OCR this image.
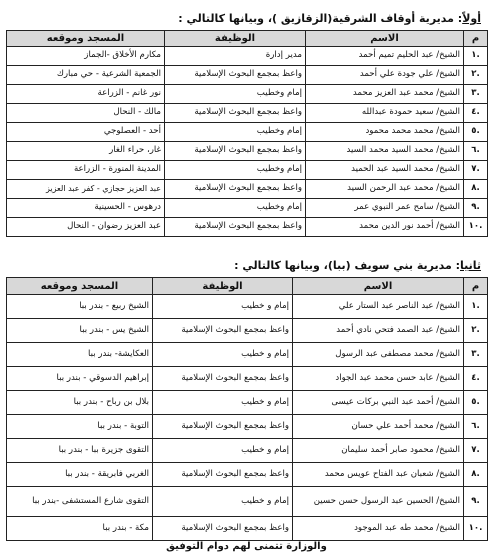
أولاً: مديرية أوقاف الشرقية(الزقازيق )، وبيانها كالتالي :
م	الاسم	الوظيفة	المسجد وموقعه
.١	الشيخ/ عبد الحليم تميم أحمد	مدير إدارة	مكارم الأخلاق -الجماز
.٢	الشيخ/ علي جودة علي أحمد	واعظ بمجمع البحوث الإسلامية	الجمعية الشرعية - حي مبارك
.٣	الشيخ/ محمد عبد العزيز محمد	إمام وخطيب	نور غانم - الزراعة
.٤	الشيخ/ سعيد حمودة عبدالله	واعظ بمجمع البحوث الإسلامية	مالك - النحال
.٥	الشيخ/ محمد محمد محمود	إمام وخطيب	أحد - العصلوجي
.٦	الشيخ/ محمد السيد محمد السيد	واعظ بمجمع البحوث الإسلامية	غار، حراء الغار
.٧	الشيخ/ محمد السيد عبد الحميد	إمام وخطيب	المدينة المنورة - الزراعة
.٨	الشيخ/ محمد عبد الرحمن السيد	واعظ بمجمع البحوث الإسلامية	عبد العزيز حجازي - كفر عبد العزيز
.٩	الشيخ/ سامح عمر النبوي عمر	إمام وخطيب	درهوس - الحسينية
.١٠	الشيخ/ أحمد نور الدين محمد	واعظ بمجمع البحوث الإسلامية	عبد العزيز رضوان - النحال
ثانيا: مديرية بني سويف (ببا)، وبيانها كالتالي :
م	الاسم	الوظيفة	المسجد وموقعه
.١	الشيخ/ عبد الناصر عبد الستار علي	إمام و خطيب	الشيخ ربيع - بندر ببا
.٢	الشيخ/ عبد الصمد فتحي نادي أحمد	واعظ بمجمع البحوث الإسلامية	الشيخ يس - بندر ببا
.٣	الشيخ/ محمد مصطفى عبد الرسول	إمام و خطيب	العكايشة- بندر ببا
.٤	الشيخ/ عابد حسن محمد عبد الجواد	واعظ بمجمع البحوث الإسلامية	إبراهيم الدسوقي - بندر ببا
.٥	الشيخ/ أحمد عبد النبي بركات عيسى	إمام و خطيب	بلال بن رباح - بندر ببا
.٦	الشيخ/ محمد أحمد علي حسان	واعظ بمجمع البحوث الإسلامية	التوبة - بندر ببا
.٧	الشيخ/ محمود صابر أحمد سليمان	إمام و خطيب	التقوى جزيرة ببا - بندر ببا
.٨	الشيخ/ شعبان عبد الفتاح عويس محمد	واعظ بمجمع البحوث الإسلامية	الغربي فابريقة - بندر ببا
.٩	الشيخ/ الحسين عبد الرسول حسن حسين	إمام و خطيب	التقوى شارع المستشفى -بندر ببا
.١٠	الشيخ/ محمد طه عبد الموجود	واعظ بمجمع البحوث الإسلامية	مكة - بندر ببا
والوزارة تتمنى لهم دوام التوفيق
